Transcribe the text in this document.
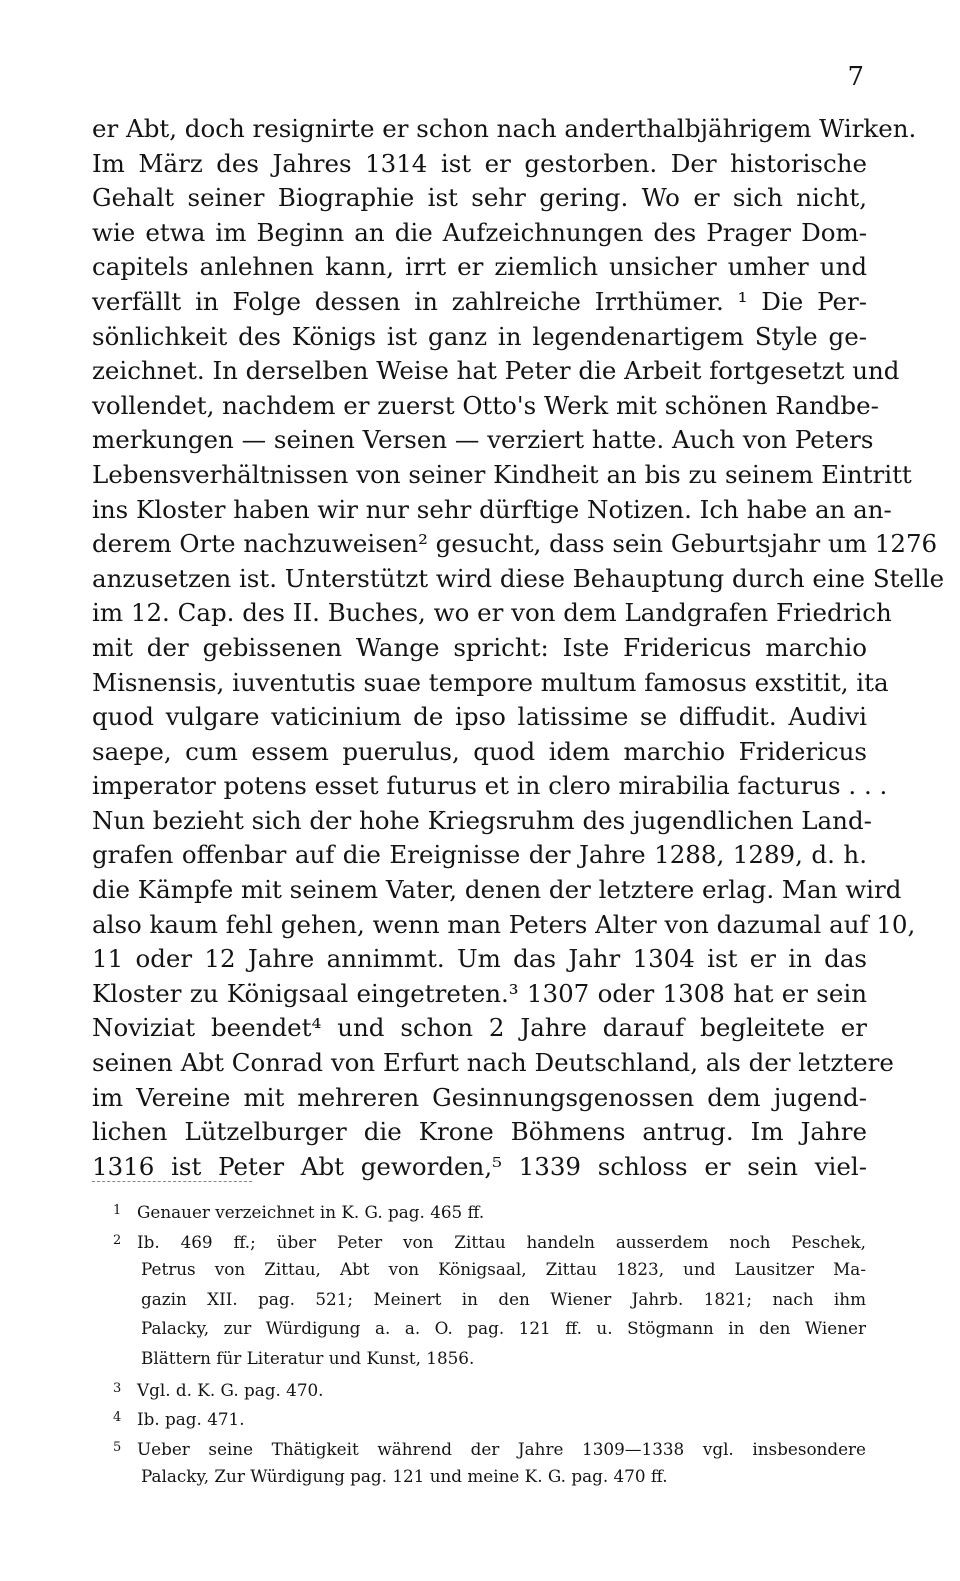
7
er Abt, doch resignirte er schon nach anderthalbjährigem Wirken.
Im März des Jahres 1314 ist er gestorben. Der historische
Gehalt seiner Biographie ist sehr gering. Wo er sich nicht,
wie etwa im Beginn an die Aufzeichnungen des Prager Dom-
capitels anlehnen kann, irrt er ziemlich unsicher umher und
verfällt in Folge dessen in zahlreiche Irrthümer. ¹ Die Per-
sönlichkeit des Königs ist ganz in legendenartigem Style ge-
zeichnet. In derselben Weise hat Peter die Arbeit fortgesetzt und
vollendet, nachdem er zuerst Otto's Werk mit schönen Randbe-
merkungen — seinen Versen — verziert hatte. Auch von Peters
Lebensverhältnissen von seiner Kindheit an bis zu seinem Eintritt
ins Kloster haben wir nur sehr dürftige Notizen. Ich habe an an-
derem Orte nachzuweisen² gesucht, dass sein Geburtsjahr um 1276
anzusetzen ist. Unterstützt wird diese Behauptung durch eine Stelle
im 12. Cap. des II. Buches, wo er von dem Landgrafen Friedrich
mit der gebissenen Wange spricht: Iste Fridericus marchio
Misnensis, iuventutis suae tempore multum famosus exstitit, ita
quod vulgare vaticinium de ipso latissime se diffudit. Audivi
saepe, cum essem puerulus, quod idem marchio Fridericus
imperator potens esset futurus et in clero mirabilia facturus . . .
Nun bezieht sich der hohe Kriegsruhm des jugendlichen Land-
grafen offenbar auf die Ereignisse der Jahre 1288, 1289, d. h.
die Kämpfe mit seinem Vater, denen der letztere erlag. Man wird
also kaum fehl gehen, wenn man Peters Alter von dazumal auf 10,
11 oder 12 Jahre annimmt. Um das Jahr 1304 ist er in das
Kloster zu Königsaal eingetreten.³ 1307 oder 1308 hat er sein
Noviziat beendet⁴ und schon 2 Jahre darauf begleitete er
seinen Abt Conrad von Erfurt nach Deutschland, als der letztere
im Vereine mit mehreren Gesinnungsgenossen dem jugend-
lichen Lützelburger die Krone Böhmens antrug. Im Jahre
1316 ist Peter Abt geworden,⁵ 1339 schloss er sein viel-
1 Genauer verzeichnet in K. G. pag. 465 ff.
2 Ib. 469 ff.; über Peter von Zittau handeln ausserdem noch Peschek,
Petrus von Zittau, Abt von Königsaal, Zittau 1823, und Lausitzer Ma-
gazin XII. pag. 521; Meinert in den Wiener Jahrb. 1821; nach ihm
Palacky, zur Würdigung a. a. O. pag. 121 ff. u. Stögmann in den Wiener
Blättern für Literatur und Kunst, 1856.
3 Vgl. d. K. G. pag. 470.
4 Ib. pag. 471.
5 Ueber seine Thätigkeit während der Jahre 1309—1338 vgl. insbesondere
Palacky, Zur Würdigung pag. 121 und meine K. G. pag. 470 ff.
